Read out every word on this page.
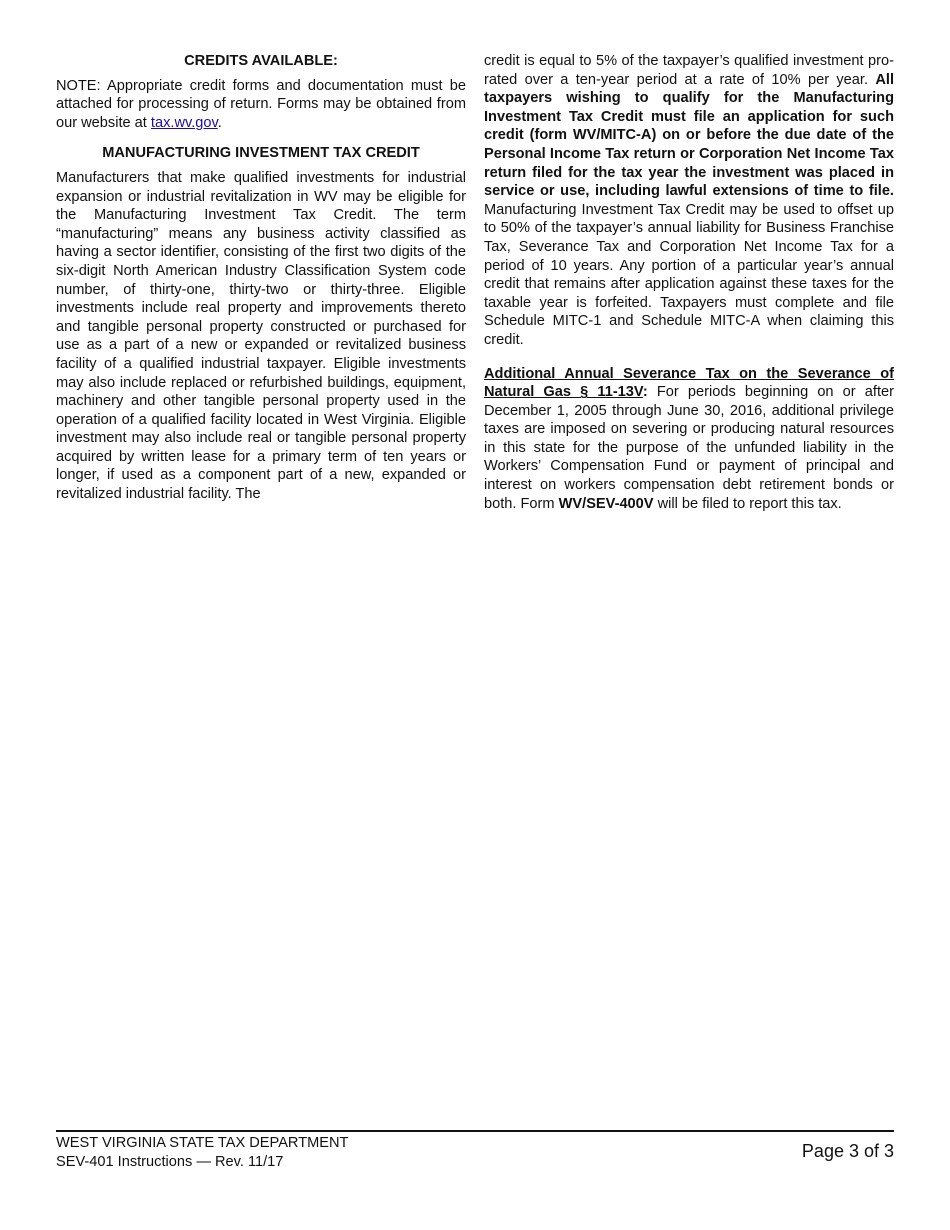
CREDITS AVAILABLE:

NOTE: Appropriate credit forms and documentation must be attached for processing of return. Forms may be obtained from our website at tax.wv.gov.

MANUFACTURING INVESTMENT TAX CREDIT

Manufacturers that make qualified investments for industrial expansion or industrial revitalization in WV may be eligible for the Manufacturing Investment Tax Credit. The term “manufacturing” means any business activity classified as having a sector identifier, consisting of the first two digits of the six-digit North American Industry Classification System code number, of thirty-one, thirty-two or thirty-three. Eligible investments include real property and improvements thereto and tangible personal property constructed or purchased for use as a part of a new or expanded or revitalized business facility of a qualified industrial taxpayer. Eligible investments may also include replaced or refurbished buildings, equipment, machinery and other tangible personal property used in the operation of a qualified facility located in West Virginia. Eligible investment may also include real or tangible personal property acquired by written lease for a primary term of ten years or longer, if used as a component part of a new, expanded or revitalized industrial facility. The

credit is equal to 5% of the taxpayer’s qualified investment pro-rated over a ten-year period at a rate of 10% per year. All taxpayers wishing to qualify for the Manufacturing Investment Tax Credit must file an application for such credit (form WV/MITC-A) on or before the due date of the Personal Income Tax return or Corporation Net Income Tax return filed for the tax year the investment was placed in service or use, including lawful extensions of time to file. Manufacturing Investment Tax Credit may be used to offset up to 50% of the taxpayer’s annual liability for Business Franchise Tax, Severance Tax and Corporation Net Income Tax for a period of 10 years. Any portion of a particular year’s annual credit that remains after application against these taxes for the taxable year is forfeited. Taxpayers must complete and file Schedule MITC-1 and Schedule MITC-A when claiming this credit.

Additional Annual Severance Tax on the Severance of Natural Gas § 11-13V: For periods beginning on or after December 1, 2005 through June 30, 2016, additional privilege taxes are imposed on severing or producing natural resources in this state for the purpose of the unfunded liability in the Workers’ Compensation Fund or payment of principal and interest on workers compensation debt retirement bonds or both. Form WV/SEV-400V will be filed to report this tax.

WEST VIRGINIA STATE TAX DEPARTMENT
SEV-401 Instructions — Rev. 11/17
Page 3 of 3
